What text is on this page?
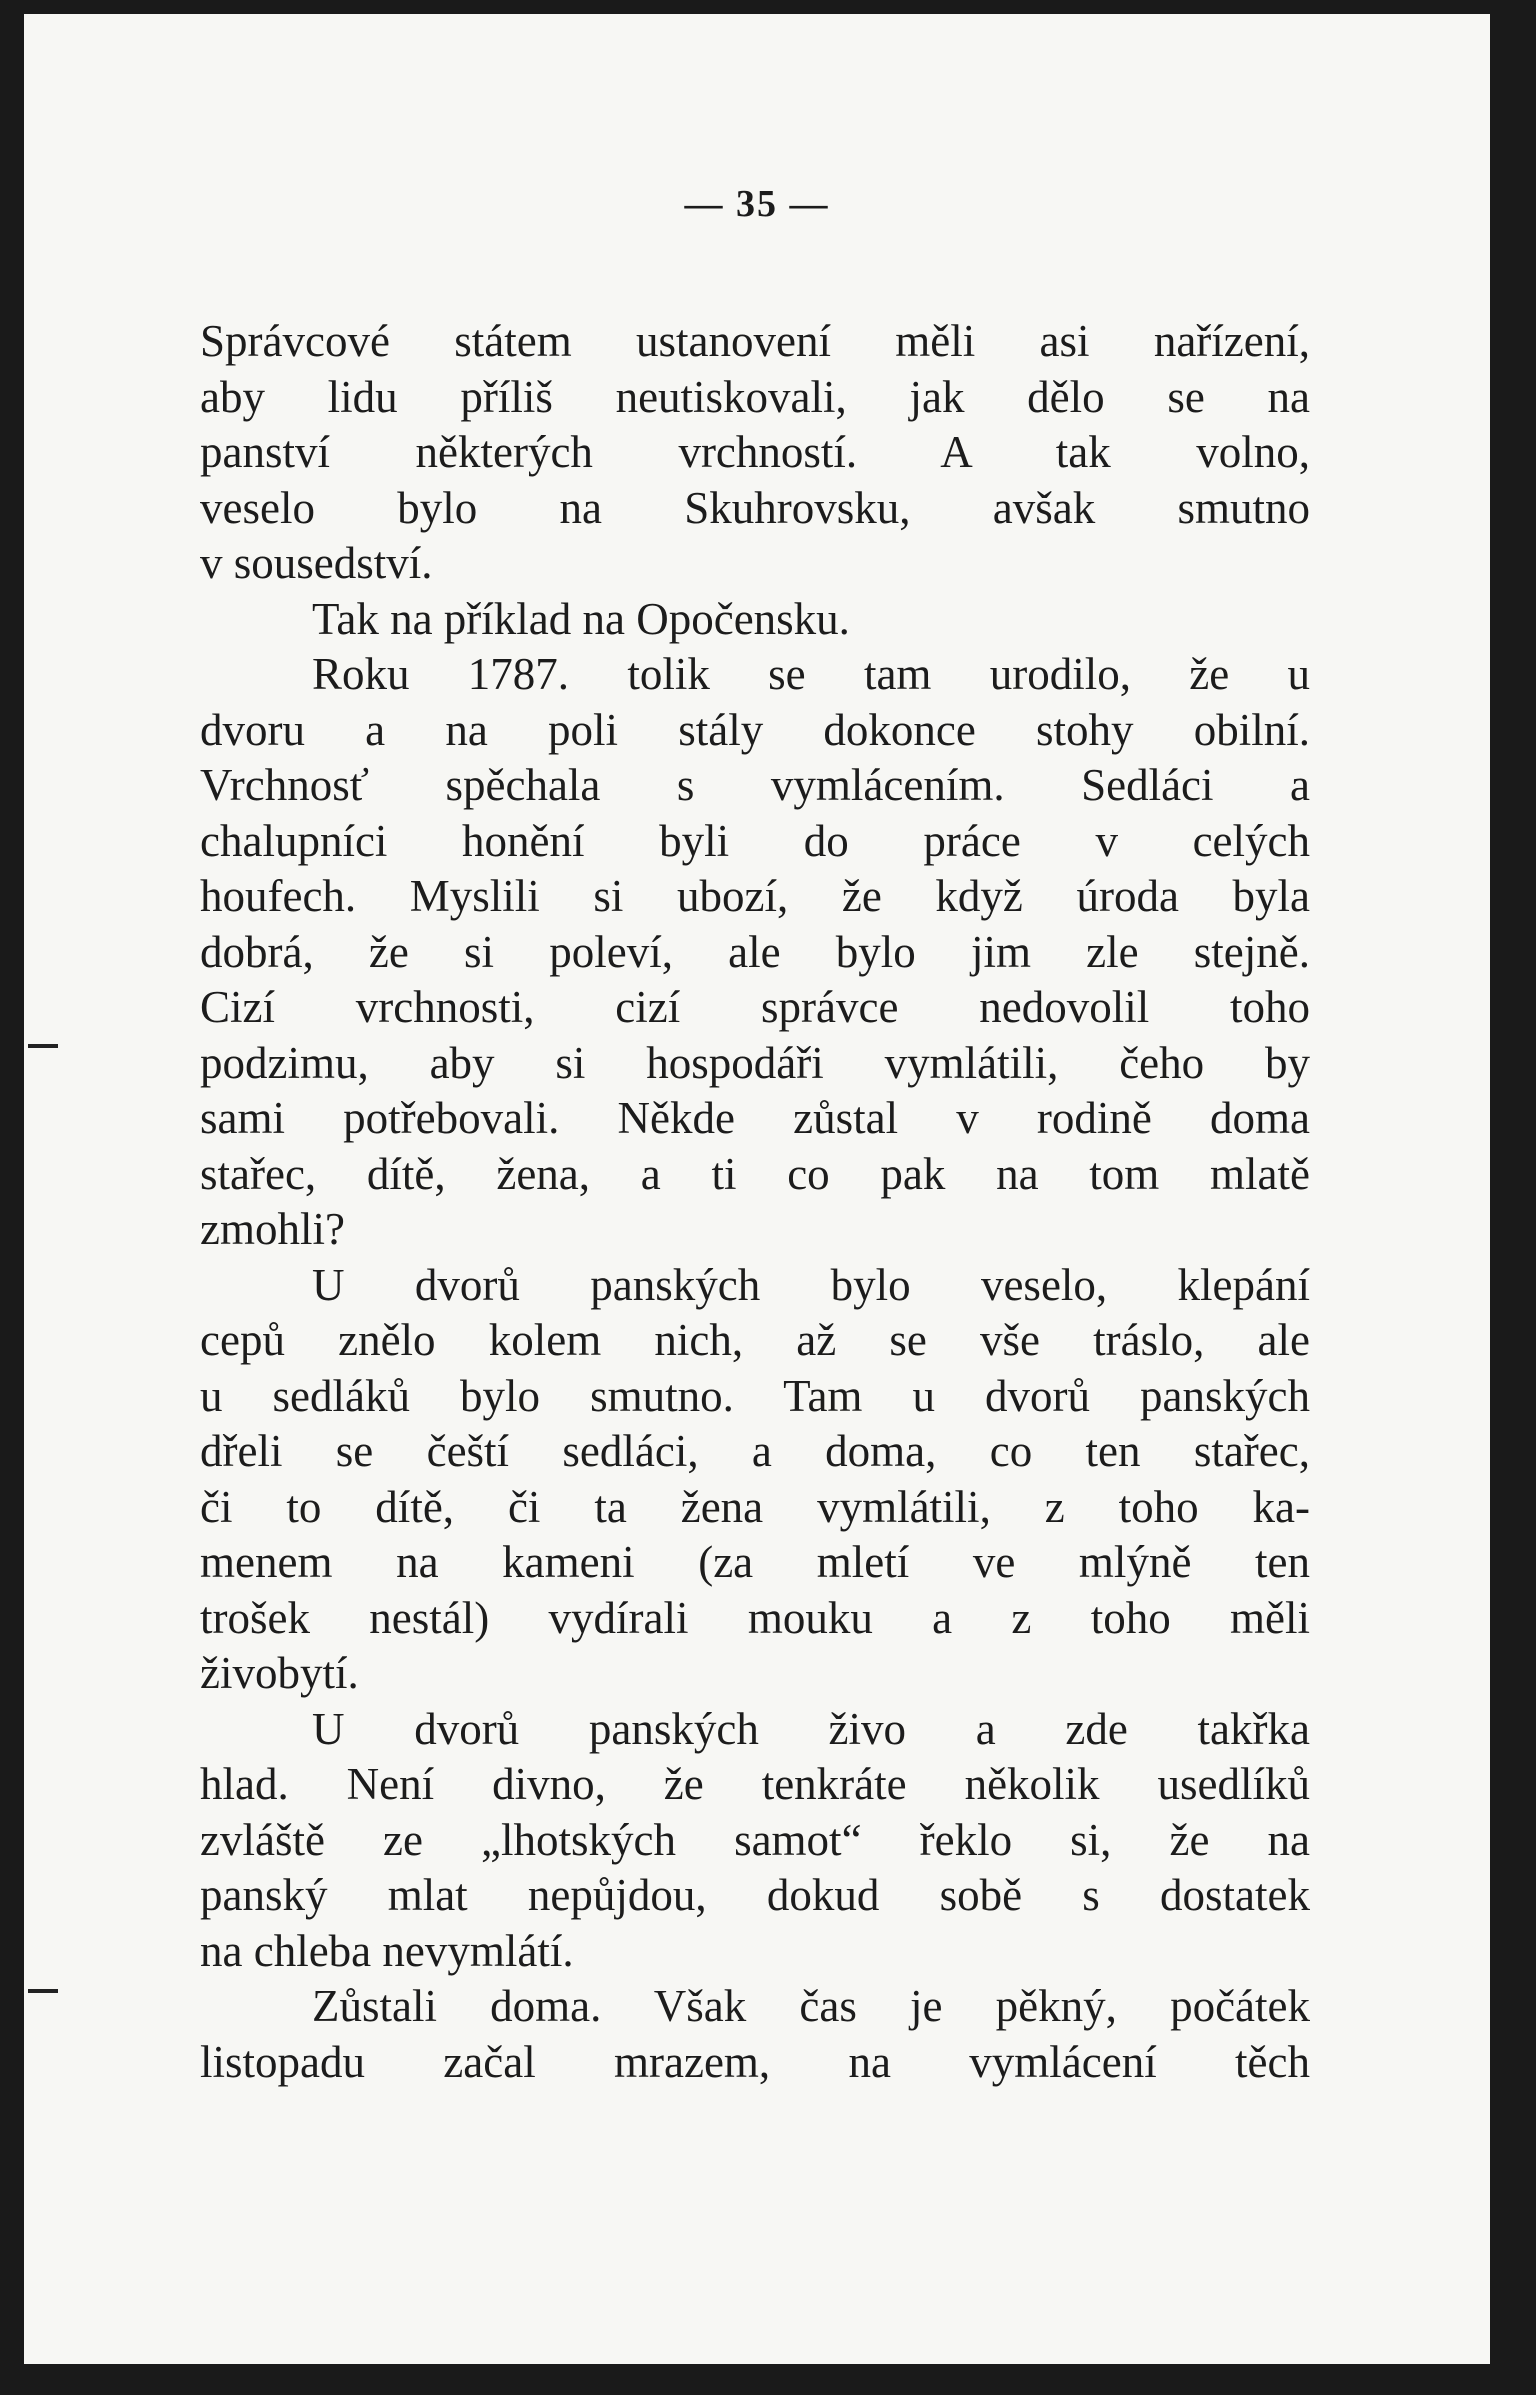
— 35 —
Správcové státem ustanovení měli asi nařízení,
aby lidu příliš neutiskovali, jak dělo se na
panství některých vrchností. A tak volno,
veselo bylo na Skuhrovsku, avšak smutno
v sousedství.
Tak na příklad na Opočensku.
Roku 1787. tolik se tam urodilo, že u
dvoru a na poli stály dokonce stohy obilní.
Vrchnosť spěchala s vymlácením. Sedláci a
chalupníci honění byli do práce v celých
houfech. Myslili si ubozí, že když úroda byla
dobrá, že si poleví, ale bylo jim zle stejně.
Cizí vrchnosti, cizí správce nedovolil toho
podzimu, aby si hospodáři vymlátili, čeho by
sami potřebovali. Někde zůstal v rodině doma
stařec, dítě, žena, a ti co pak na tom mlatě
zmohli?
U dvorů panských bylo veselo, klepání
cepů znělo kolem nich, až se vše tráslo, ale
u sedláků bylo smutno. Tam u dvorů panských
dřeli se čeští sedláci, a doma, co ten stařec,
či to dítě, či ta žena vymlátili, z toho ka-
menem na kameni (za mletí ve mlýně ten
trošek nestál) vydírali mouku a z toho měli
živobytí.
U dvorů panských živo a zde takřka
hlad. Není divno, že tenkráte několik usedlíků
zvláště ze „lhotských samot“ řeklo si, že na
panský mlat nepůjdou, dokud sobě s dostatek
na chleba nevymlátí.
Zůstali doma. Však čas je pěkný, počátek
listopadu začal mrazem, na vymlácení těch
